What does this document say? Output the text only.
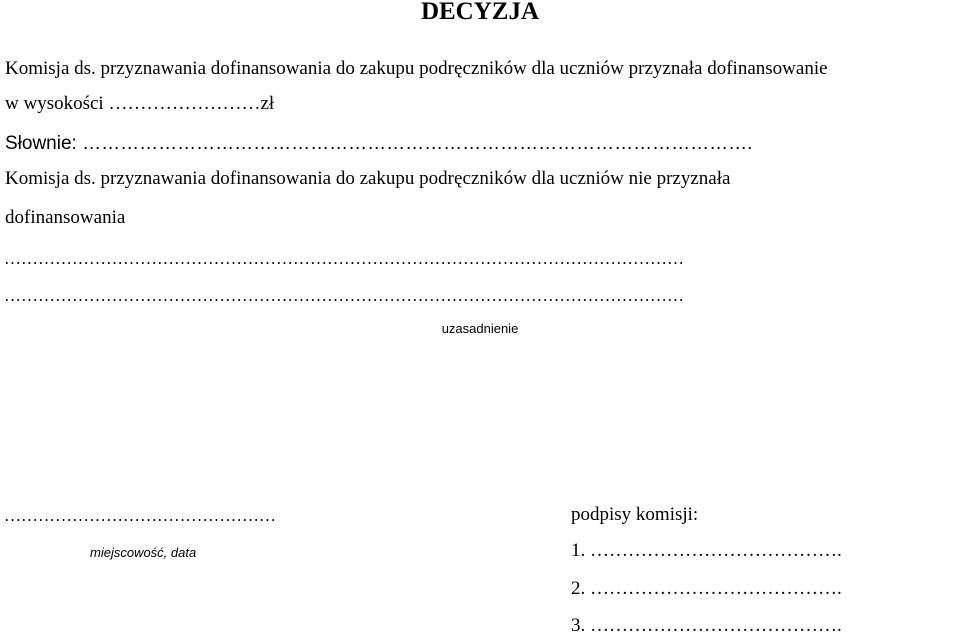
DECYZJA
Komisja ds. przyznawania dofinansowania do zakupu podręczników dla uczniów przyznała dofinansowanie
w wysokości ……………………zł
Słownie: …………………………………………………………………………………………….
Komisja ds. przyznawania dofinansowania do zakupu podręczników dla uczniów nie przyznała
dofinansowania
…………………………………………………………………………………………………………
…………………………………………………………………………………………………………
uzasadnienie
…………………………………………
miejscowość, data
podpisy komisji:
1. ………………………………….
2. ………………………………….
3. ………………………………….
